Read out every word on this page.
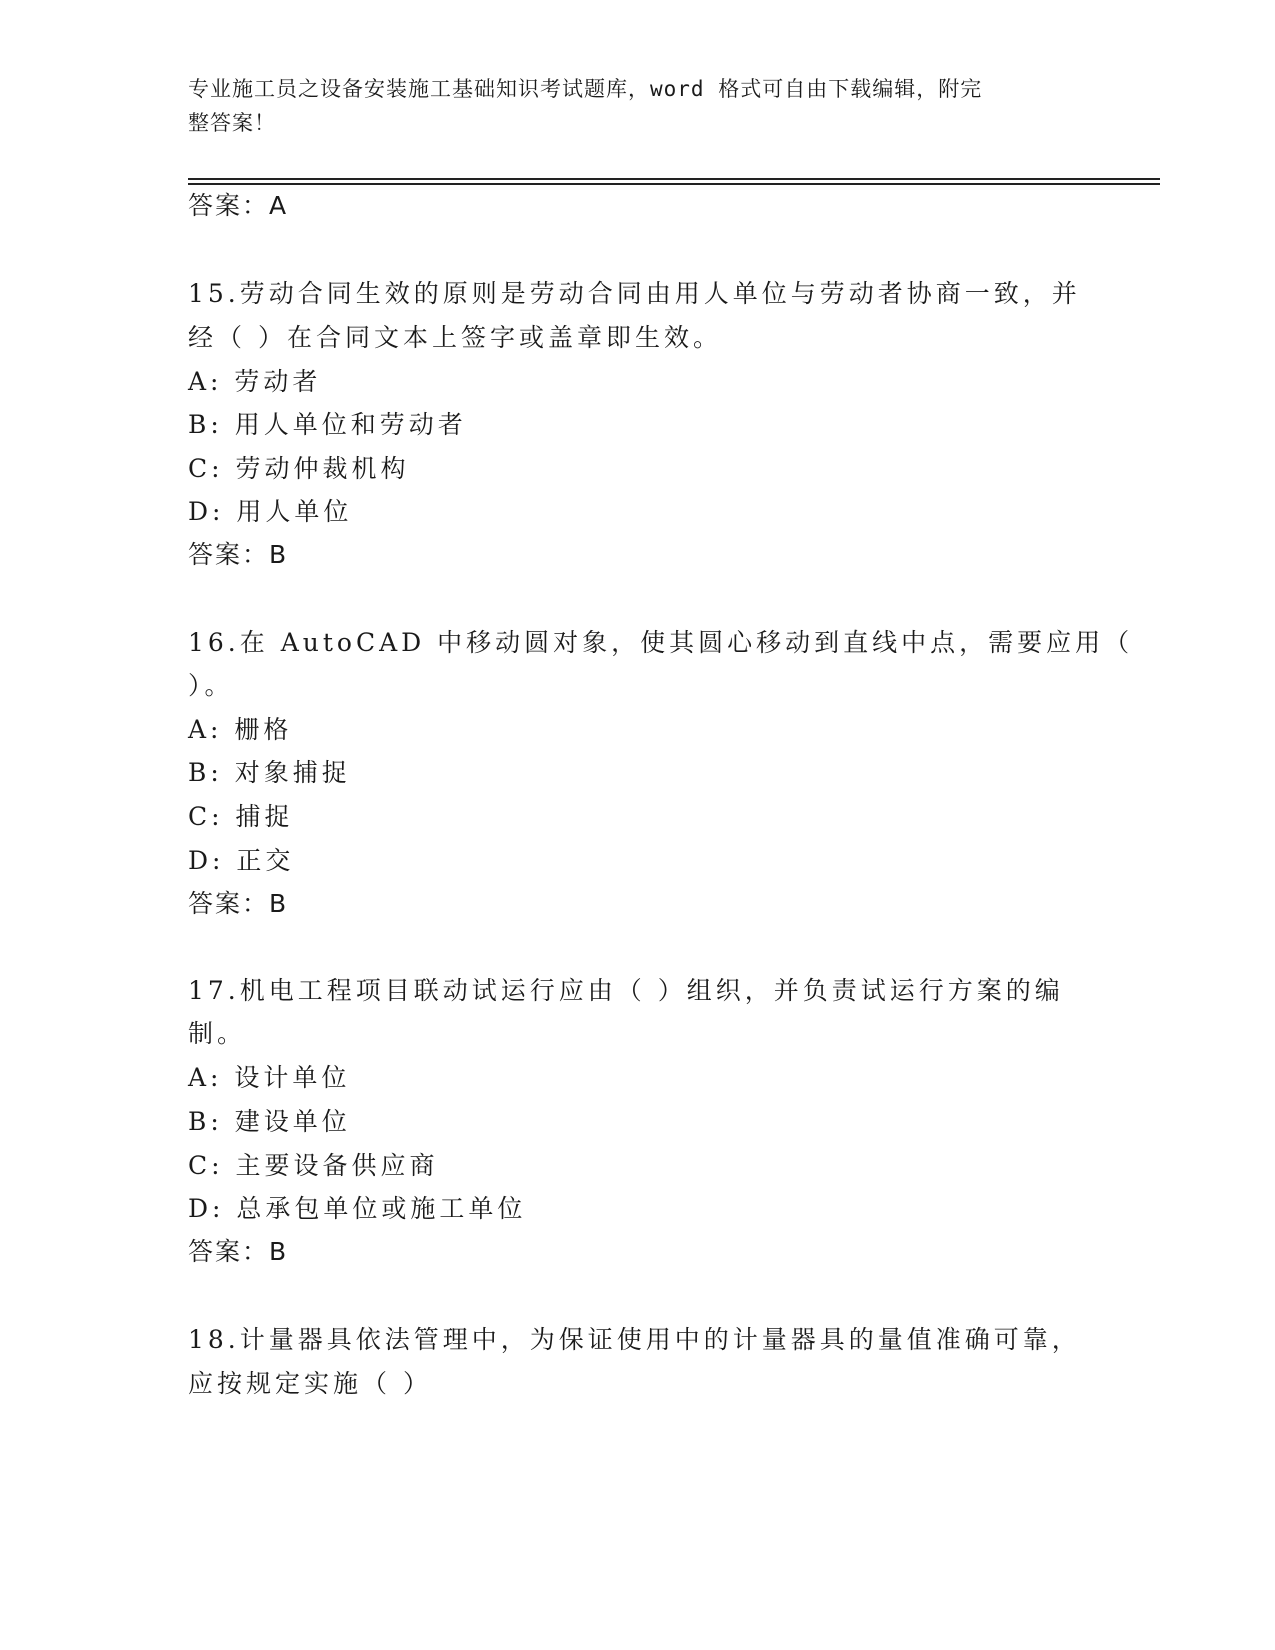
专业施工员之设备安装施工基础知识考试题库，word 格式可自由下载编辑，附完
整答案！
答案：A
15.劳动合同生效的原则是劳动合同由用人单位与劳动者协商一致，并
经（ ）在合同文本上签字或盖章即生效。
A: 劳动者
B: 用人单位和劳动者
C: 劳动仲裁机构
D: 用人单位
答案：B
16.在 AutoCAD 中移动圆对象，使其圆心移动到直线中点，需要应用（
）。
A: 栅格
B: 对象捕捉
C: 捕捉
D: 正交
答案：B
17.机电工程项目联动试运行应由（ ）组织，并负责试运行方案的编
制。
A: 设计单位
B: 建设单位
C: 主要设备供应商
D: 总承包单位或施工单位
答案：B
18.计量器具依法管理中，为保证使用中的计量器具的量值准确可靠，
应按规定实施（ ）
